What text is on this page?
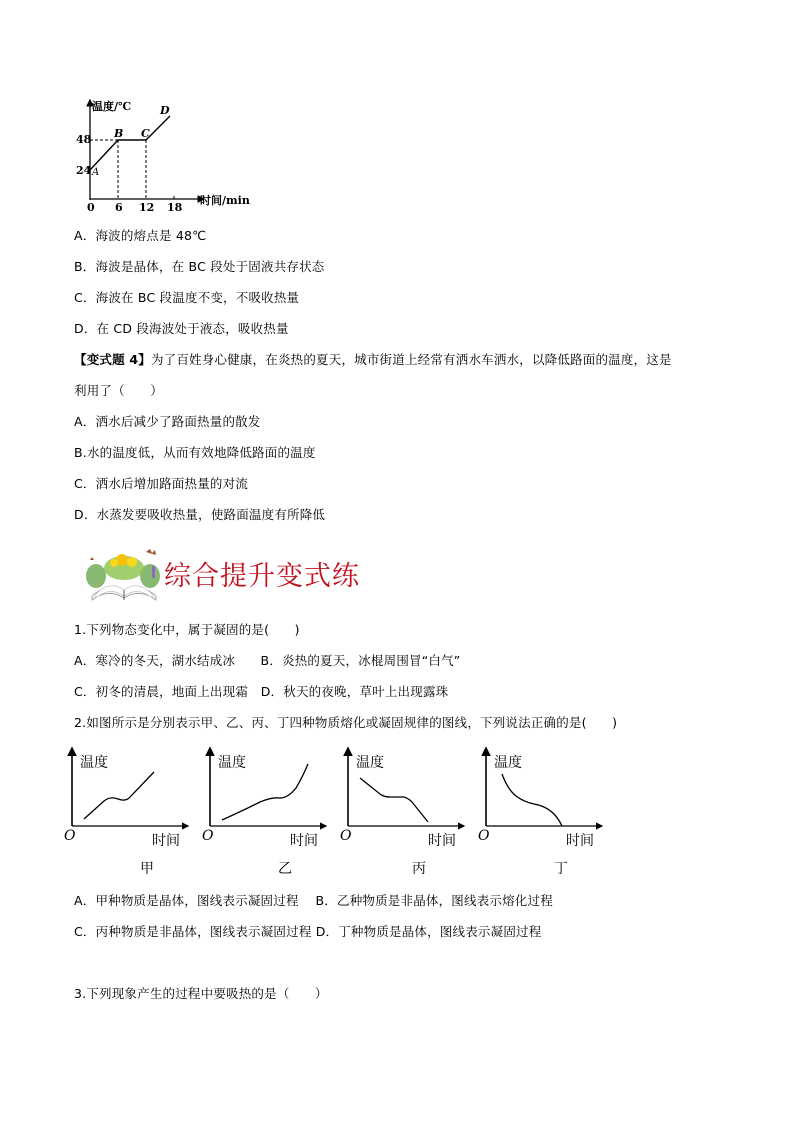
温度/℃
时间/min
48
24
0 6 12 18
A
B C
D
A．海波的熔点是 48℃
B．海波是晶体，在 BC 段处于固液共存状态
C．海波在 BC 段温度不变，不吸收热量
D．在 CD 段海波处于液态，吸收热量
【变式题 4】为了百姓身心健康，在炎热的夏天，城市街道上经常有洒水车洒水，以降低路面的温度，这是
利用了（　　）
A．洒水后减少了路面热量的散发
B.水的温度低，从而有效地降低路面的温度
C．洒水后增加路面热量的对流
D．水蒸发要吸收热量，使路面温度有所降低
综合提升变式练
1.下列物态变化中，属于凝固的是(　　)
A．寒冷的冬天，湖水结成冰　　B．炎热的夏天，冰棍周围冒“白气”
C．初冬的清晨，地面上出现霜　D．秋天的夜晚，草叶上出现露珠
2.如图所示是分别表示甲、乙、丙、丁四种物质熔化或凝固规律的图线，下列说法正确的是(　　)
温度
O	时间
甲
温度
O	时间
乙
温度
O	时间
丙
温度
O	时间
丁
A．甲种物质是晶体，图线表示凝固过程　 B．乙种物质是非晶体，图线表示熔化过程
C．丙种物质是非晶体，图线表示凝固过程 D．丁种物质是晶体，图线表示凝固过程
3.下列现象产生的过程中要吸热的是（　　）
